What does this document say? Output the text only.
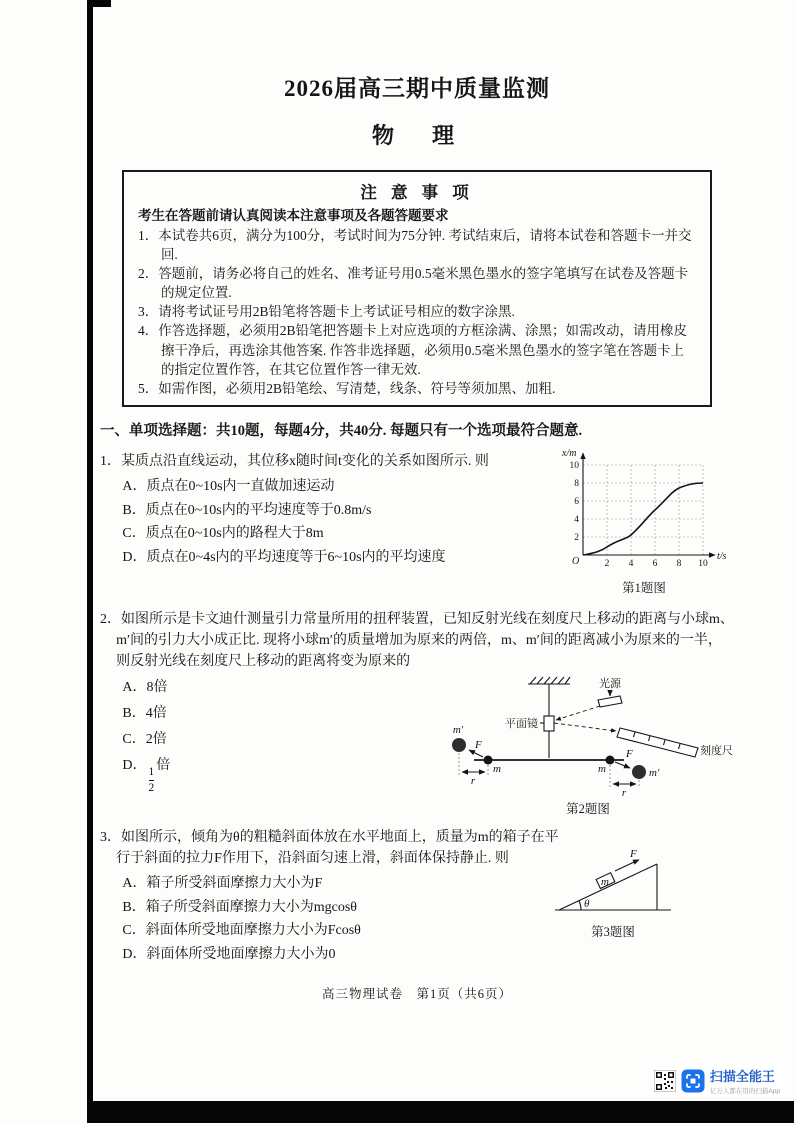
2026届高三期中质量监测
物　理
注 意 事 项
考生在答题前请认真阅读本注意事项及各题答题要求
1．本试卷共6页，满分为100分，考试时间为75分钟. 考试结束后，请将本试卷和答题卡一并交回.
2．答题前，请务必将自己的姓名、准考证号用0.5毫米黑色墨水的签字笔填写在试卷及答题卡的规定位置.
3．请将考试证号用2B铅笔将答题卡上考试证号相应的数字涂黑.
4．作答选择题，必须用2B铅笔把答题卡上对应选项的方框涂满、涂黑；如需改动，请用橡皮擦干净后，再选涂其他答案. 作答非选择题，必须用0.5毫米黑色墨水的签字笔在答题卡上的指定位置作答，在其它位置作答一律无效.
5．如需作图，必须用2B铅笔绘、写清楚，线条、符号等须加黑、加粗.
一、单项选择题：共10题，每题4分，共40分. 每题只有一个选项最符合题意.
1．某质点沿直线运动，其位移x随时间t变化的关系如图所示. 则
A．质点在0~10s内一直做加速运动
B．质点在0~10s内的平均速度等于0.8m/s
C．质点在0~10s内的路程大于8m
D．质点在0~4s内的平均速度等于6~10s内的平均速度
x/m
t/s
O
2
4
6
8
10
2 4 6 8 10
第1题图
2．如图所示是卡文迪什测量引力常量所用的扭秤装置，已知反射光线在刻度尺上移动的距离与小球m、m′间的引力大小成正比. 现将小球m′的质量增加为原来的两倍，m、m′间的距离减小为原来的一半，则反射光线在刻度尺上移动的距离将变为原来的
A．8倍
B．4倍
C．2倍
D．
$\frac{1}{2}$
倍
平面镜
光源
刻度尺
m
m′
F
r
m	m′
F
r
第2题图
3．如图所示，倾角为θ的粗糙斜面体放在水平地面上，质量为m的箱子在平行于斜面的拉力F作用下，沿斜面匀速上滑，斜面体保持静止. 则
A．箱子所受斜面摩擦力大小为F
B．箱子所受斜面摩擦力大小为mgcosθ
C．斜面体所受地面摩擦力大小为Fcosθ
D．斜面体所受地面摩擦力大小为0
θ
m
F
第3题图
高三物理试卷　第1页（共6页）
扫描全能王
亿万人都在用的扫描App
